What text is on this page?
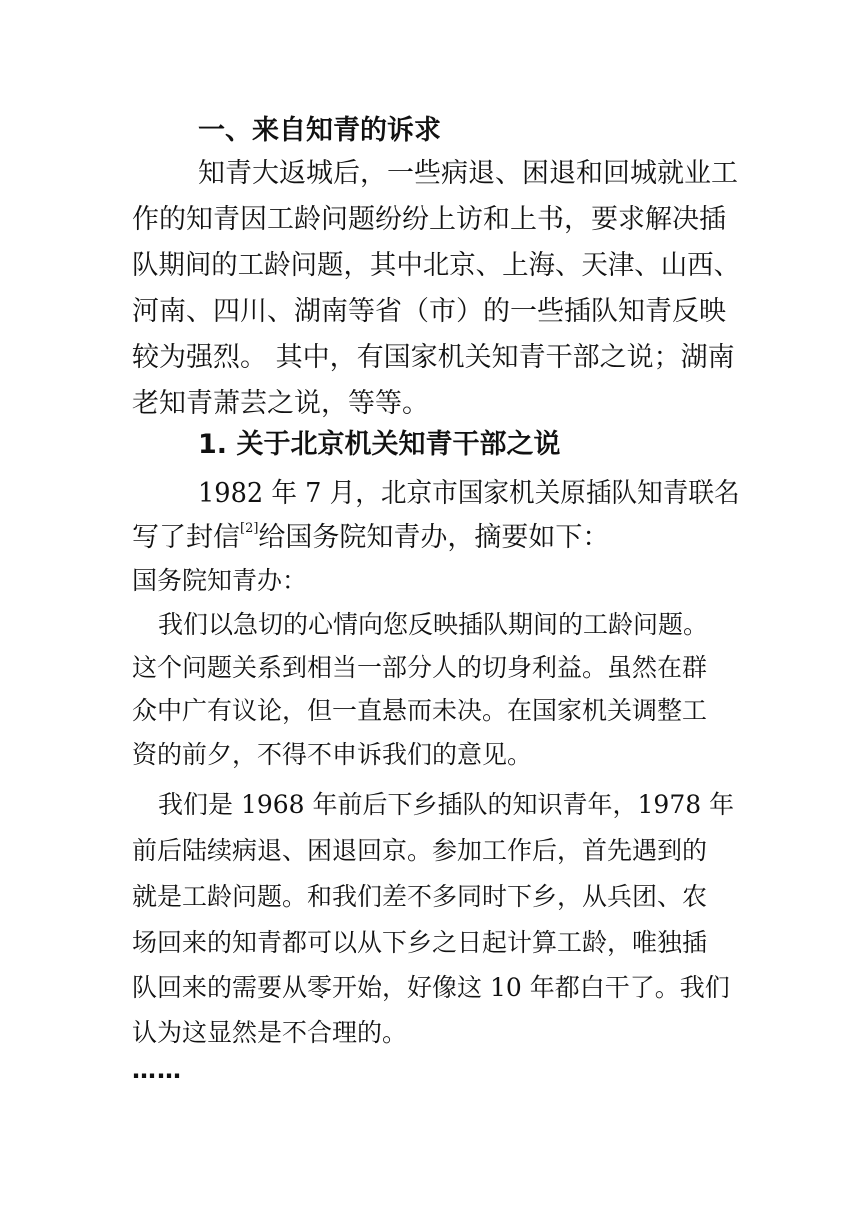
一、来自知青的诉求
知青大返城后，一些病退、困退和回城就业工
作的知青因工龄问题纷纷上访和上书，要求解决插
队期间的工龄问题，其中北京、上海、天津、山西、
河南、四川、湖南等省（市）的一些插队知青反映
较为强烈。 其中，有国家机关知青干部之说；湖南
老知青萧芸之说，等等。
1. 关于北京机关知青干部之说
1982 年 7 月，北京市国家机关原插队知青联名
写了封信[2]给国务院知青办，摘要如下：
国务院知青办：
我们以急切的心情向您反映插队期间的工龄问题。
这个问题关系到相当一部分人的切身利益。虽然在群
众中广有议论，但一直悬而未决。在国家机关调整工
资的前夕，不得不申诉我们的意见。
我们是 1968 年前后下乡插队的知识青年，1978 年
前后陆续病退、困退回京。参加工作后，首先遇到的
就是工龄问题。和我们差不多同时下乡，从兵团、农
场回来的知青都可以从下乡之日起计算工龄，唯独插
队回来的需要从零开始，好像这 10 年都白干了。我们
认为这显然是不合理的。
……
